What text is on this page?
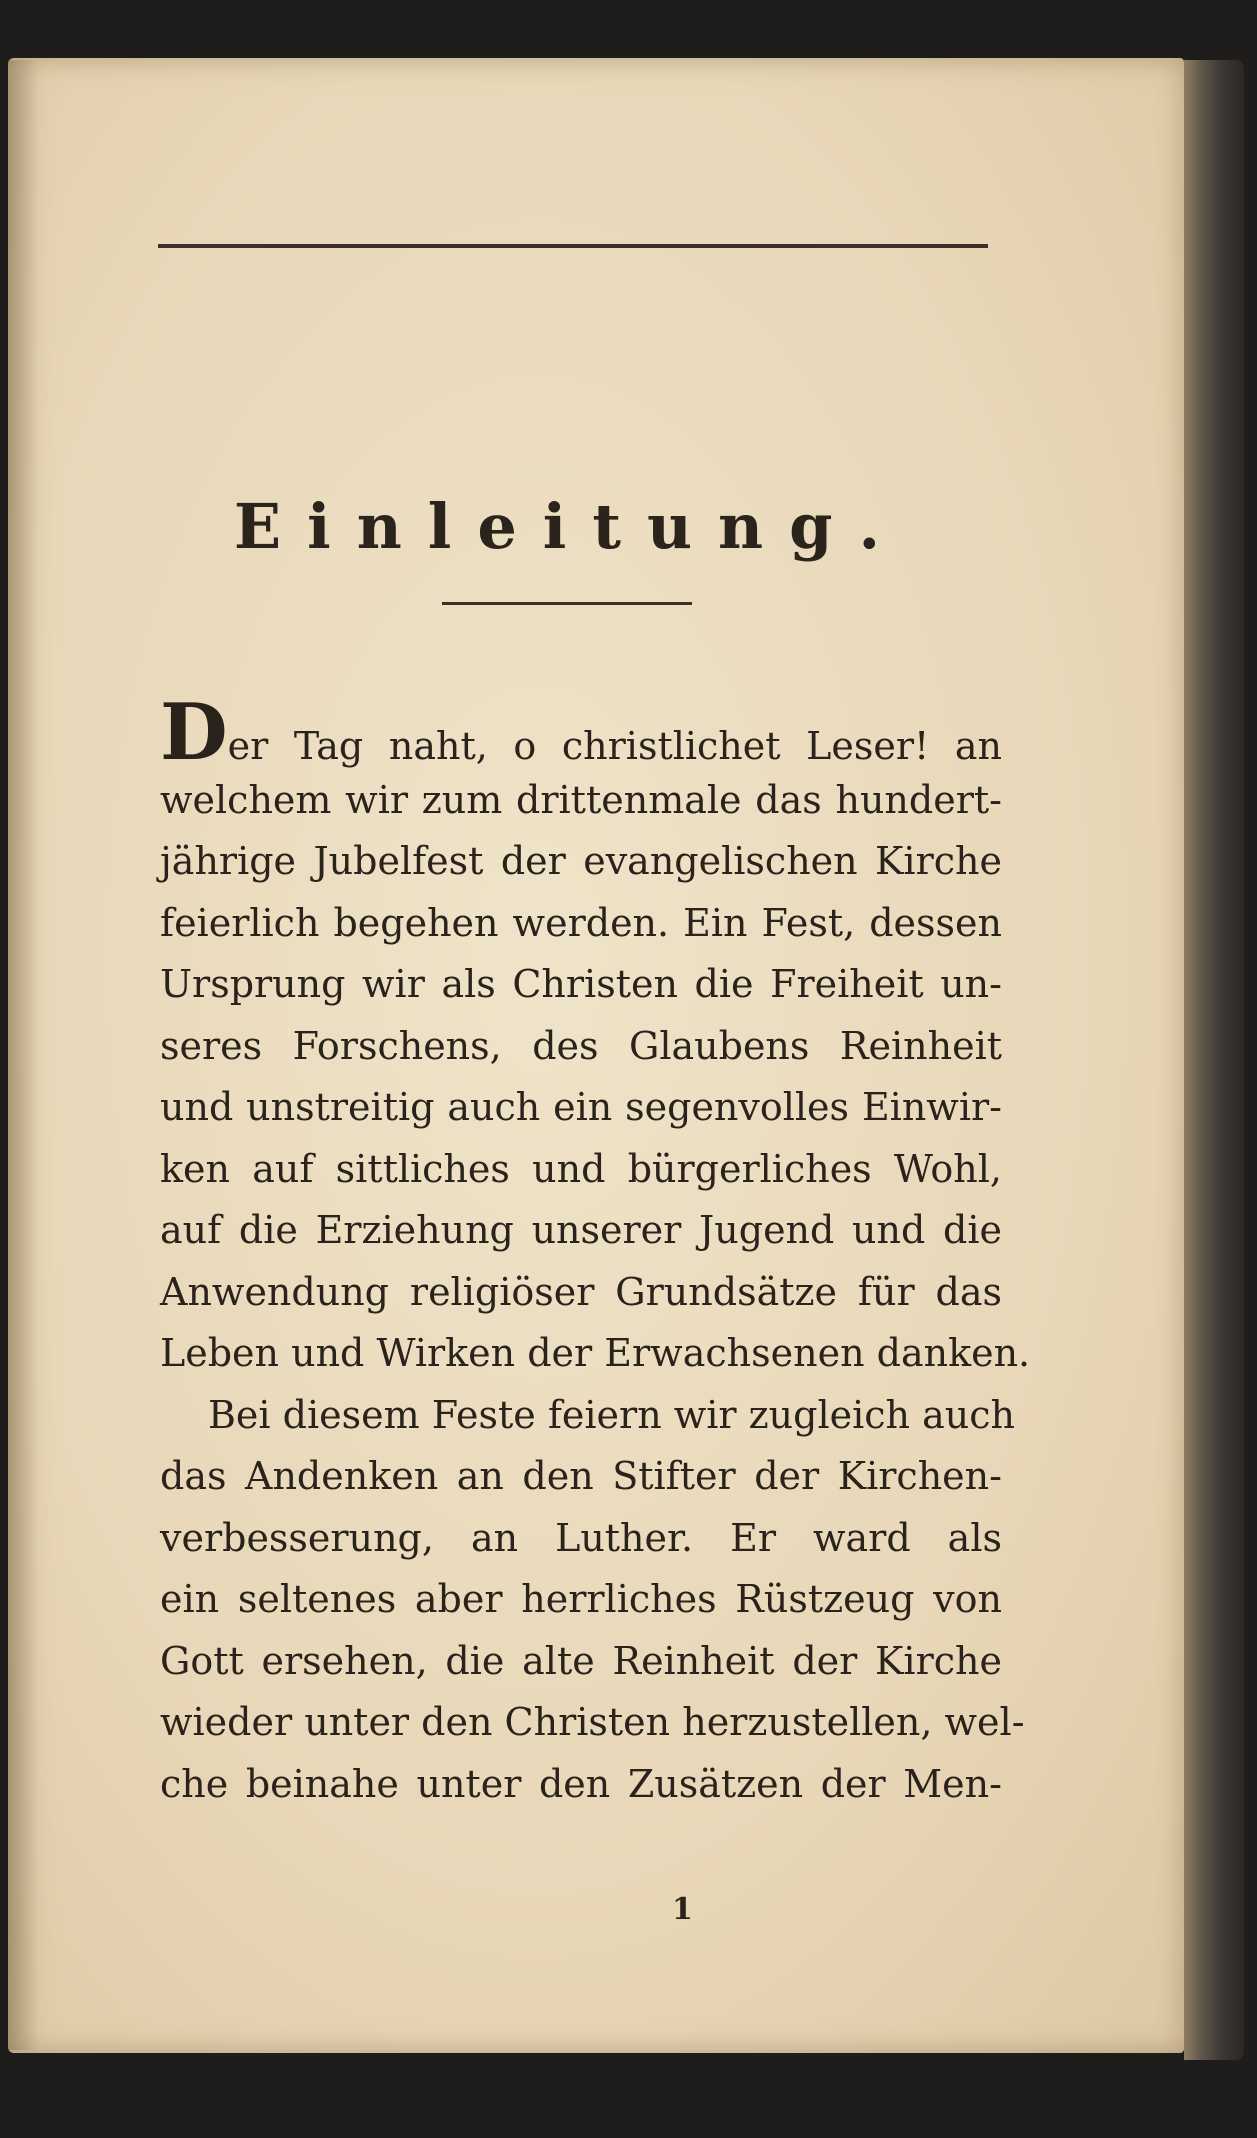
Einleitung.
Der Tag naht, o christlichet Leser! an
welchem wir zum drittenmale das hundert-
jährige Jubelfest der evangelischen Kirche
feierlich begehen werden. Ein Fest, dessen
Ursprung wir als Christen die Freiheit un-
seres Forschens, des Glaubens Reinheit
und unstreitig auch ein segenvolles Einwir-
ken auf sittliches und bürgerliches Wohl,
auf die Erziehung unserer Jugend und die
Anwendung religiöser Grundsätze für das
Leben und Wirken der Erwachsenen danken.
Bei diesem Feste feiern wir zugleich auch
das Andenken an den Stifter der Kirchen-
verbesserung, an Luther. Er ward als
ein seltenes aber herrliches Rüstzeug von
Gott ersehen, die alte Reinheit der Kirche
wieder unter den Christen herzustellen, wel-
che beinahe unter den Zusätzen der Men-
1
